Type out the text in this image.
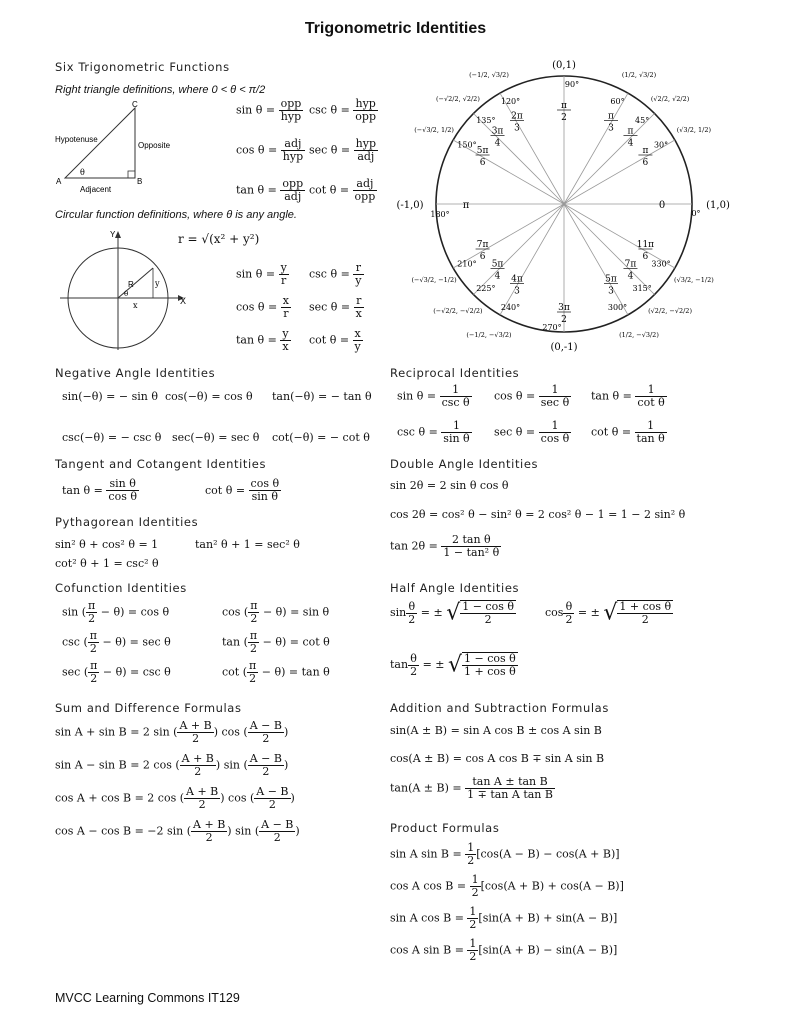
Trigonometric Identities
Six Trigonometric Functions
Right triangle definitions, where 0 < θ < π/2
Hypotenuse
Opposite
Adjacent
A	B
C
θ
$\sin \theta = \frac{\text{opp}}{\text{hyp}}$ $\csc \theta = \frac{\text{hyp}}{\text{opp}}$
$\cos \theta = \frac{\text{adj}}{\text{hyp}}$ $\sec \theta = \frac{\text{hyp}}{\text{adj}}$
$\tan \theta = \frac{\text{opp}}{\text{adj}}$ $\cot \theta = \frac{\text{adj}}{\text{opp}}$
Circular function definitions, where θ is any angle.
r = √(x² + y²)
Y
X
R
x
y
θ
$\sin \theta = \frac{y}{r}$ $\csc \theta = \frac{r}{y}$
$\cos \theta = \frac{x}{r}$ $\sec \theta = \frac{r}{x}$
$\tan \theta = \frac{y}{x}$ $\cot \theta = \frac{x}{y}$
(0,1)
(0,-1)
(-1,0)	(1,0)
90°
180°	0°
270°
π	0
π
2
3π
2
π
6
30°
(√3/2, 1/2)
π
4
45°
(√2/2, √2/2)
π
3
60°
(1/2, √3/2)
2π
3
120°
(−1/2, √3/2)
3π
4
135°
(−√2/2, √2/2)
5π
6
150°
(−√3/2, 1/2)
7π
6
210°
(−√3/2, −1/2)
5π
4
225°
(−√2/2, −√2/2)
4π
3
240°
(−1/2, −√3/2)
5π
3
300°
(1/2, −√3/2)
7π
4
315°
(√2/2, −√2/2)
11π
6
330°
(√3/2, −1/2)
Negative Angle Identities
sin(−θ) = − sin θ cos(−θ) = cos θ tan(−θ) = − tan θ
csc(−θ) = − csc θ sec(−θ) = sec θ cot(−θ) = − cot θ
Reciprocal Identities
$\sin \theta = \frac{1}{\text{csc θ}}$ $\cos \theta = \frac{1}{\text{sec θ}}$ $\tan \theta = \frac{1}{\text{cot θ}}$
$\csc \theta = \frac{1}{\text{sin θ}}$ $\sec \theta = \frac{1}{\text{cos θ}}$ $\cot \theta = \frac{1}{\text{tan θ}}$
Tangent and Cotangent Identities
$\tan \theta = \frac{\text{sin θ}}{\text{cos θ}}$	$\cot \theta = \frac{\text{cos θ}}{\text{sin θ}}$
Double Angle Identities
sin 2θ = 2 sin θ cos θ
cos 2θ = cos² θ − sin² θ = 2 cos² θ − 1 = 1 − 2 sin² θ
$\tan 2\theta = \frac{\text{2 tan θ}}{\text{1 − tan² θ}}$
Pythagorean Identities
sin² θ + cos² θ = 1	tan² θ + 1 = sec² θ
cot² θ + 1 = csc² θ
Cofunction Identities
sin ( $\frac{\pi}{2} - \theta) = \cos \theta$	cos ( $\frac{\pi}{2} - \theta) = \sin \theta$
csc ( $\frac{\pi}{2} - \theta) = \sec \theta$	tan ( $\frac{\pi}{2} - \theta) = \cot \theta$
sec ( $\frac{\pi}{2} - \theta) = \csc \theta$	cot ( $\frac{\pi}{2} - \theta) = \tan \theta$
Half Angle Identities
$\sin \frac{\theta}{2}$ = ± √ $\frac{\text{1 − cos θ}}{2}$	$\cos \frac{\theta}{2}$ = ± √ $\frac{\text{1 + cos θ}}{2}$
$\tan \frac{\theta}{2}$ = ± √ $\frac{\text{1 − cos θ}}{\text{1 + cos θ}}$
Sum and Difference Formulas
sin A + sin B = 2 sin ( $\frac{A + B}{2}$ ) cos ( $\frac{A - B}{2}$ )
sin A − sin B = 2 cos ( $\frac{A + B}{2}$ ) sin ( $\frac{A - B}{2}$ )
cos A + cos B = 2 cos ( $\frac{A + B}{2}$ ) cos ( $\frac{A - B}{2}$ )
cos A − cos B = −2 sin ( $\frac{A + B}{2}$ ) sin ( $\frac{A - B}{2}$ )
Addition and Subtraction Formulas
sin(A ± B) = sin A cos B ± cos A sin B
cos(A ± B) = cos A cos B ∓ sin A sin B
$\tan(A \pm B) = \frac{\text{tan A ± tan B}}{\text{1 ∓ tan A tan B}}$
Product Formulas
sin A $\sin B = \frac{1}{2} [\cos(A - B) - \cos(A + B)]$
cos A $\cos B = \frac{1}{2} [\cos(A + B) + \cos(A - B)]$
sin A $\cos B = \frac{1}{2} [\sin(A + B) + \sin(A - B)]$
cos A $\sin B = \frac{1}{2} [\sin(A + B) - \sin(A - B)]$
MVCC Learning Commons IT129
